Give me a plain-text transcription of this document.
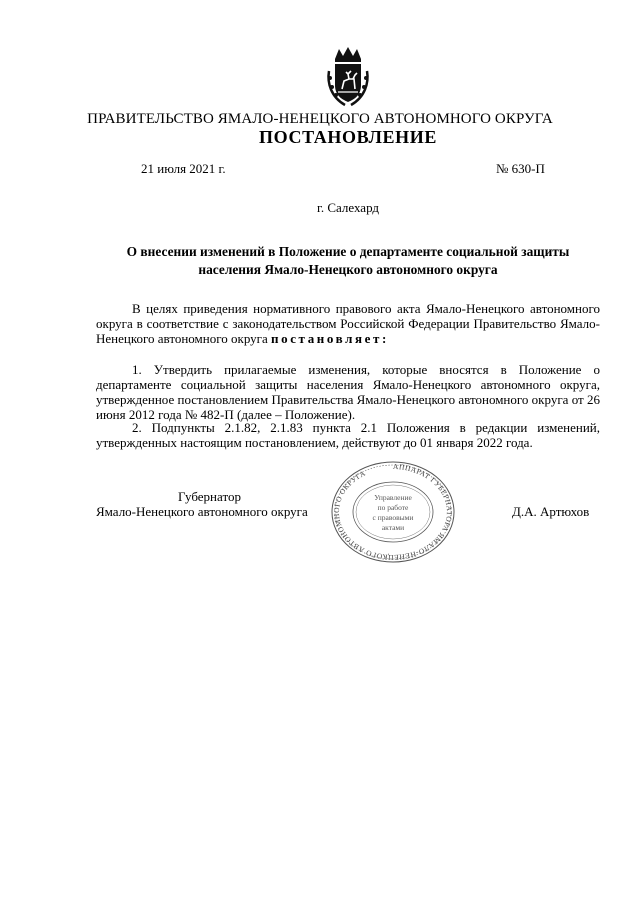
ПРАВИТЕЛЬСТВО ЯМАЛО-НЕНЕЦКОГО АВТОНОМНОГО ОКРУГА
ПОСТАНОВЛЕНИЕ
21 июля 2021 г.	№ 630-П
г. Салехард
О внесении изменений в Положение о департаменте социальной защиты населения Ямало-Ненецкого автономного округа
В целях приведения нормативного правового акта Ямало-Ненецкого автономного округа в соответствие с законодательством Российской Федерации Правительство Ямало-Ненецкого автономного округа постановляет:
1. Утвердить прилагаемые изменения, которые вносятся в Положение о департаменте социальной защиты населения Ямало-Ненецкого автономного округа, утвержденное постановлением Правительства Ямало-Ненецкого автономного округа от 26 июня 2012 года № 482-П (далее – Положение).
2. Подпункты 2.1.82, 2.1.83 пункта 2.1 Положения в редакции изменений, утвержденных настоящим постановлением, действуют до 01 января 2022 года.
Губернатор
Ямало-Ненецкого автономного округа	Д.А. Артюхов
АППАРАТ ГУБЕРНАТОРА ЯМАЛО-НЕНЕЦКОГО АВТОНОМНОГО ОКРУГА
Управление
по работе
с правовыми
актами
